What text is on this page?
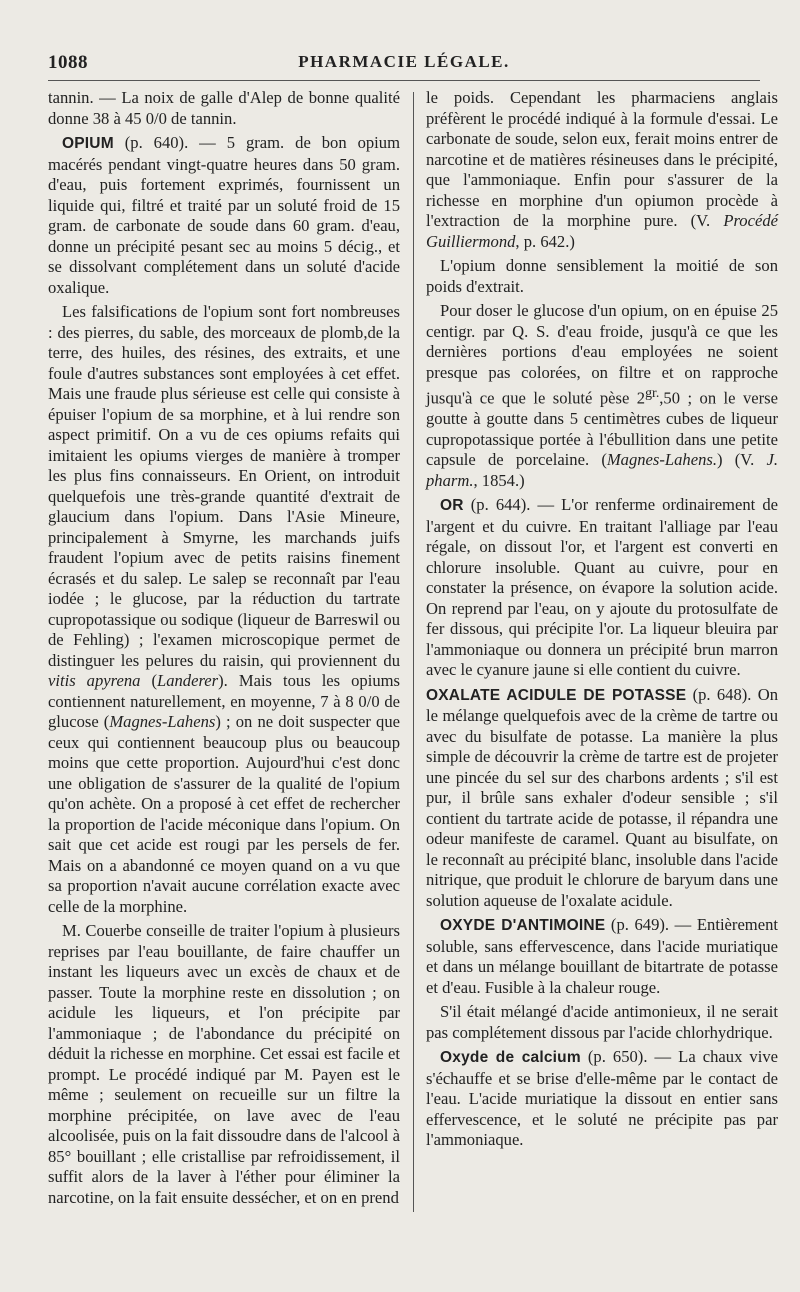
1088	PHARMACIE LÉGALE.

tannin. — La noix de galle d'Alep de bonne qualité donne 38 à 45 0/0 de tannin.

OPIUM (p. 640). — 5 gram. de bon opium macérés pendant vingt-quatre heures dans 50 gram. d'eau, puis fortement exprimés, fournissent un liquide qui, filtré et traité par un soluté froid de 15 gram. de carbonate de soude dans 60 gram. d'eau, donne un précipité pesant sec au moins 5 décig., et se dissolvant complétement dans un soluté d'acide oxalique.

Les falsifications de l'opium sont fort nombreuses : des pierres, du sable, des morceaux de plomb,de la terre, des huiles, des résines, des extraits, et une foule d'autres substances sont employées à cet effet. Mais une fraude plus sérieuse est celle qui consiste à épuiser l'opium de sa morphine, et à lui rendre son aspect primitif. On a vu de ces opiums refaits qui imitaient les opiums vierges de manière à tromper les plus fins connaisseurs. En Orient, on introduit quelquefois une très-grande quantité d'extrait de glaucium dans l'opium. Dans l'Asie Mineure, principalement à Smyrne, les marchands juifs fraudent l'opium avec de petits raisins finement écrasés et du salep. Le salep se reconnaît par l'eau iodée ; le glucose, par la réduction du tartrate cupropotassique ou sodique (liqueur de Barreswil ou de Fehling) ; l'examen microscopique permet de distinguer les pelures du raisin, qui proviennent du vitis apyrena (Landerer). Mais tous les opiums contiennent naturellement, en moyenne, 7 à 8 0/0 de glucose (Magnes-Lahens) ; on ne doit suspecter que ceux qui contiennent beaucoup plus ou beaucoup moins que cette proportion. Aujourd'hui c'est donc une obligation de s'assurer de la qualité de l'opium qu'on achète. On a proposé à cet effet de rechercher la proportion de l'acide méconique dans l'opium. On sait que cet acide est rougi par les persels de fer. Mais on a abandonné ce moyen quand on a vu que sa proportion n'avait aucune corrélation exacte avec celle de la morphine.

M. Couerbe conseille de traiter l'opium à plusieurs reprises par l'eau bouillante, de faire chauffer un instant les liqueurs avec un excès de chaux et de passer. Toute la morphine reste en dissolution ; on acidule les liqueurs, et l'on précipite par l'ammoniaque ; de l'abondance du précipité on déduit la richesse en morphine. Cet essai est facile et prompt. Le procédé indiqué par M. Payen est le même ; seulement on recueille sur un filtre la morphine précipitée, on lave avec de l'eau alcoolisée, puis on la fait dissoudre dans de l'alcool à 85° bouillant ; elle cristallise par refroidissement, il suffit alors de la laver à l'éther pour éliminer la narcotine, on la fait ensuite dessécher, et on en prend

le poids. Cependant les pharmaciens anglais préfèrent le procédé indiqué à la formule d'essai. Le carbonate de soude, selon eux, ferait moins entrer de narcotine et de matières résineuses dans le précipité, que l'ammoniaque. Enfin pour s'assurer de la richesse en morphine d'un opiumon procède à l'extraction de la morphine pure. (V. Procédé Guilliermond, p. 642.)

L'opium donne sensiblement la moitié de son poids d'extrait.

Pour doser le glucose d'un opium, on en épuise 25 centigr. par Q. S. d'eau froide, jusqu'à ce que les dernières portions d'eau employées ne soient presque pas colorées, on filtre et on rapproche jusqu'à ce que le soluté pèse $2^{gr.},50$ ; on le verse goutte à goutte dans 5 centimètres cubes de liqueur cupropotassique portée à l'ébullition dans une petite capsule de porcelaine. (Magnes-Lahens.) (V. J. pharm., 1854.)

OR (p. 644). — L'or renferme ordinairement de l'argent et du cuivre. En traitant l'alliage par l'eau régale, on dissout l'or, et l'argent est converti en chlorure insoluble. Quant au cuivre, pour en constater la présence, on évapore la solution acide. On reprend par l'eau, on y ajoute du protosulfate de fer dissous, qui précipite l'or. La liqueur bleuira par l'ammoniaque ou donnera un précipité brun marron avec le cyanure jaune si elle contient du cuivre.

OXALATE ACIDULE DE POTASSE (p. 648). On le mélange quelquefois avec de la crème de tartre ou avec du bisulfate de potasse. La manière la plus simple de découvrir la crème de tartre est de projeter une pincée du sel sur des charbons ardents ; s'il est pur, il brûle sans exhaler d'odeur sensible ; s'il contient du tartrate acide de potasse, il répandra une odeur manifeste de caramel. Quant au bisulfate, on le reconnaît au précipité blanc, insoluble dans l'acide nitrique, que produit le chlorure de baryum dans une solution aqueuse de l'oxalate acidule.

OXYDE D'ANTIMOINE (p. 649). — Entièrement soluble, sans effervescence, dans l'acide muriatique et dans un mélange bouillant de bitartrate de potasse et d'eau. Fusible à la chaleur rouge.

S'il était mélangé d'acide antimonieux, il ne serait pas complétement dissous par l'acide chlorhydrique.

Oxyde de calcium (p. 650). — La chaux vive s'échauffe et se brise d'elle-même par le contact de l'eau. L'acide muriatique la dissout en entier sans effervescence, et le soluté ne précipite pas par l'ammoniaque.
